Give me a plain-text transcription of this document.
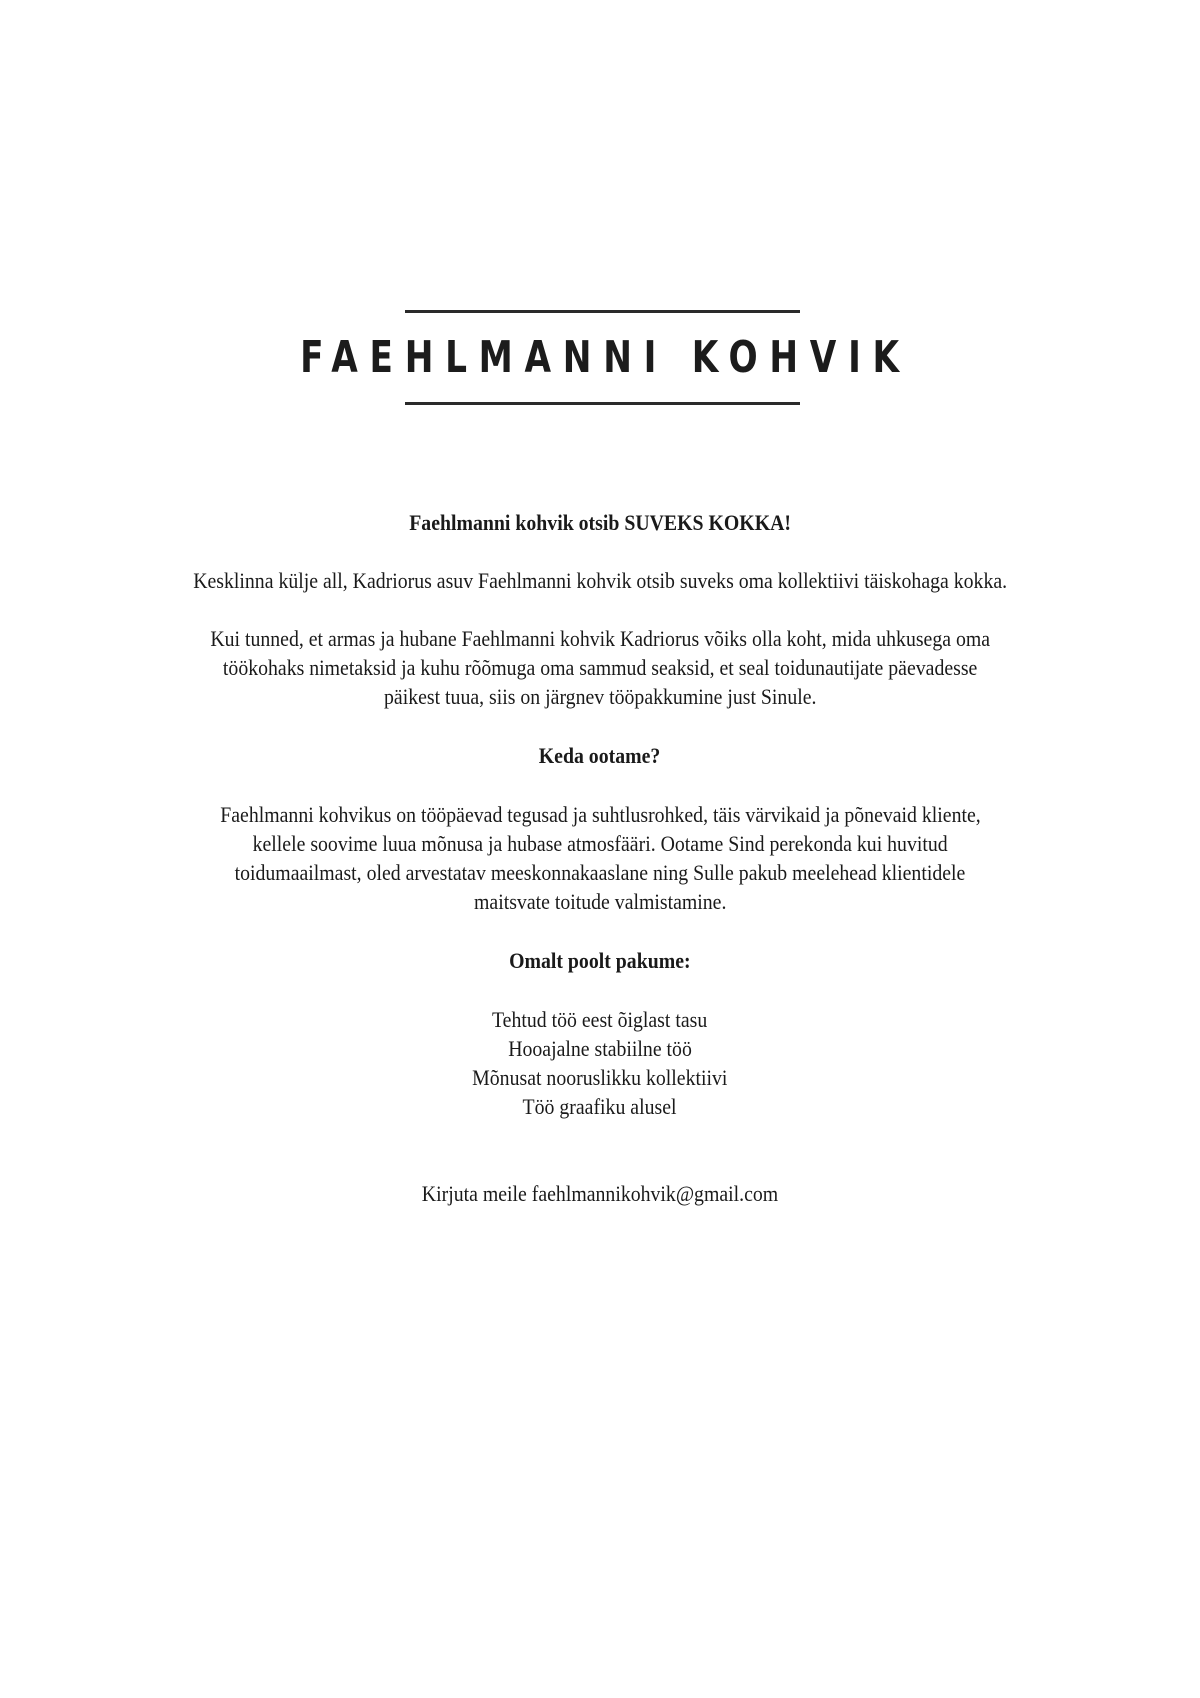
FAEHLMANNI KOHVIK

Faehlmanni kohvik otsib SUVEKS KOKKA!

Kesklinna külje all, Kadriorus asuv Faehlmanni kohvik otsib suveks oma kollektiivi täiskohaga kokka.

Kui tunned, et armas ja hubane Faehlmanni kohvik Kadriorus võiks olla koht, mida uhkusega oma

töökohaks nimetaksid ja kuhu rõõmuga oma sammud seaksid, et seal toidunautijate päevadesse

päikest tuua, siis on järgnev tööpakkumine just Sinule.

Keda ootame?

Faehlmanni kohvikus on tööpäevad tegusad ja suhtlusrohked, täis värvikaid ja põnevaid kliente,

kellele soovime luua mõnusa ja hubase atmosfääri. Ootame Sind perekonda kui huvitud

toidumaailmast, oled arvestatav meeskonnakaaslane ning Sulle pakub meelehead klientidele

maitsvate toitude valmistamine.

Omalt poolt pakume:

Tehtud töö eest õiglast tasu

Hooajalne stabiilne töö

Mõnusat nooruslikku kollektiivi

Töö graafiku alusel

Kirjuta meile faehlmannikohvik@gmail.com
